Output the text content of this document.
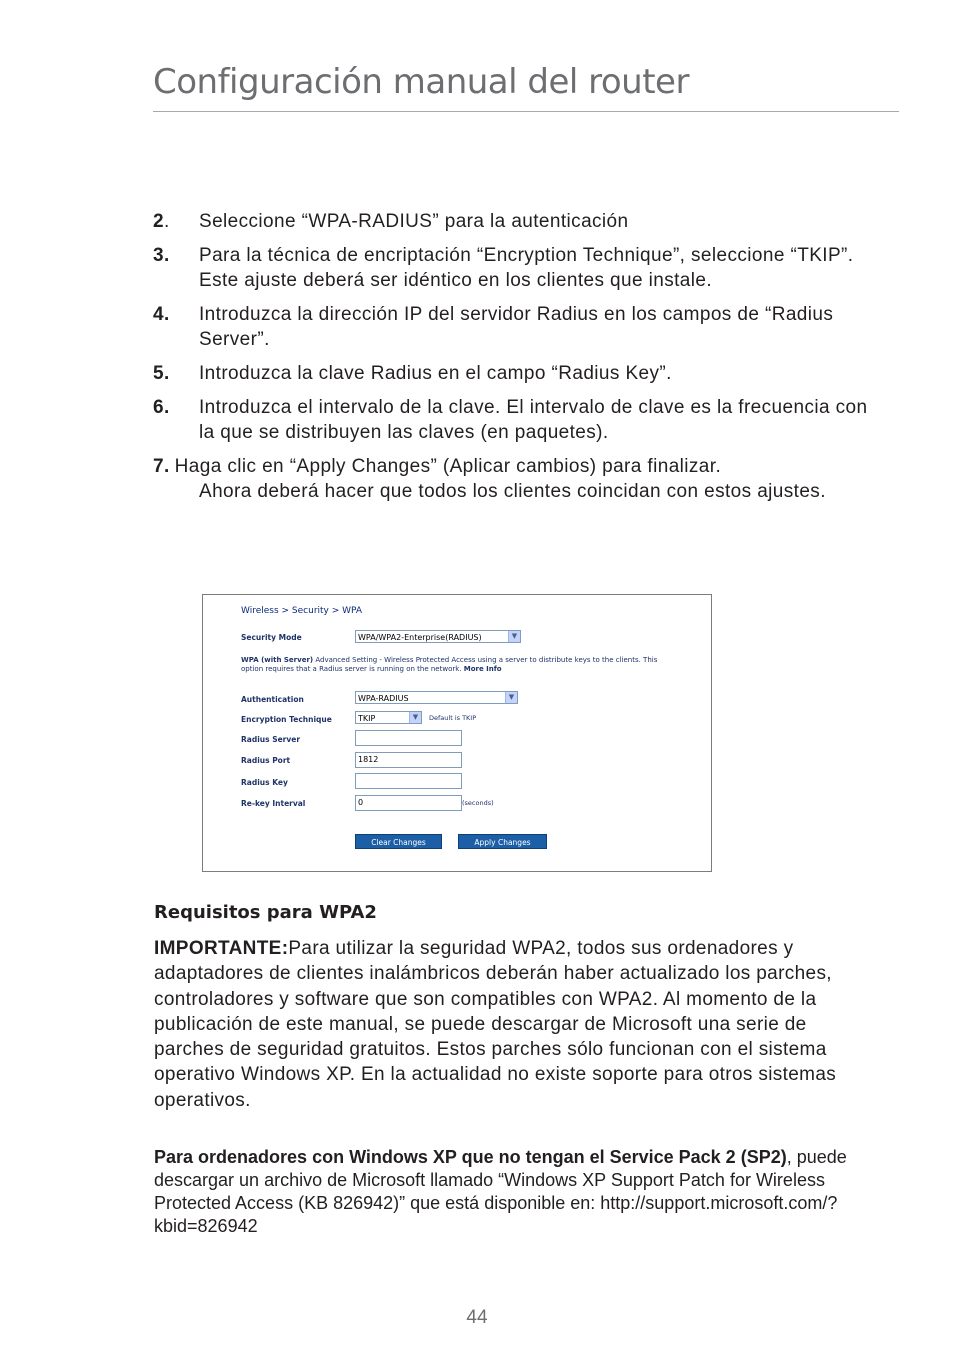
Configuración manual del router
2. Seleccione “WPA-RADIUS” para la autenticación
3. Para la técnica de encriptación “Encryption Technique”, seleccione “TKIP”. Este ajuste deberá ser idéntico en los clientes que instale.
4. Introduzca la dirección IP del servidor Radius en los campos de “Radius
Server”.
5. Introduzca la clave Radius en el campo “Radius Key”.
6. Introduzca el intervalo de la clave. El intervalo de clave es la frecuencia con la que se distribuyen las claves (en paquetes).
7. Haga clic en “Apply Changes” (Aplicar cambios) para finalizar.
Ahora deberá hacer que todos los clientes coincidan con estos ajustes.
Wireless > Security > WPA
Security Mode	WPA/WPA2-Enterprise(RADIUS)	▼
WPA (with Server) Advanced Setting - Wireless Protected Access using a server to distribute keys to the clients. This option requires that a Radius server is running on the network. More Info
Authentication	WPA-RADIUS	▼
Encryption Technique	TKIP	▼	Default is TKIP
Radius Server
Radius Port	1812
Radius Key
Re-key Interval	0	(seconds)
Clear Changes	Apply Changes
Requisitos para WPA2
IMPORTANTE:Para utilizar la seguridad WPA2, todos sus ordenadores y adaptadores de clientes inalámbricos deberán haber actualizado los parches, controladores y software que son compatibles con WPA2. Al momento de la publicación de este manual, se puede descargar de Microsoft una serie de parches de seguridad gratuitos. Estos parches sólo funcionan con el sistema operativo Windows XP. En la actualidad no existe soporte para otros sistemas operativos.
Para ordenadores con Windows XP que no tengan el Service Pack 2 (SP2), puede descargar un archivo de Microsoft llamado “Windows XP Support Patch for Wireless Protected Access (KB 826942)” que está disponible en: http://support.microsoft.com/?kbid=826942
44
